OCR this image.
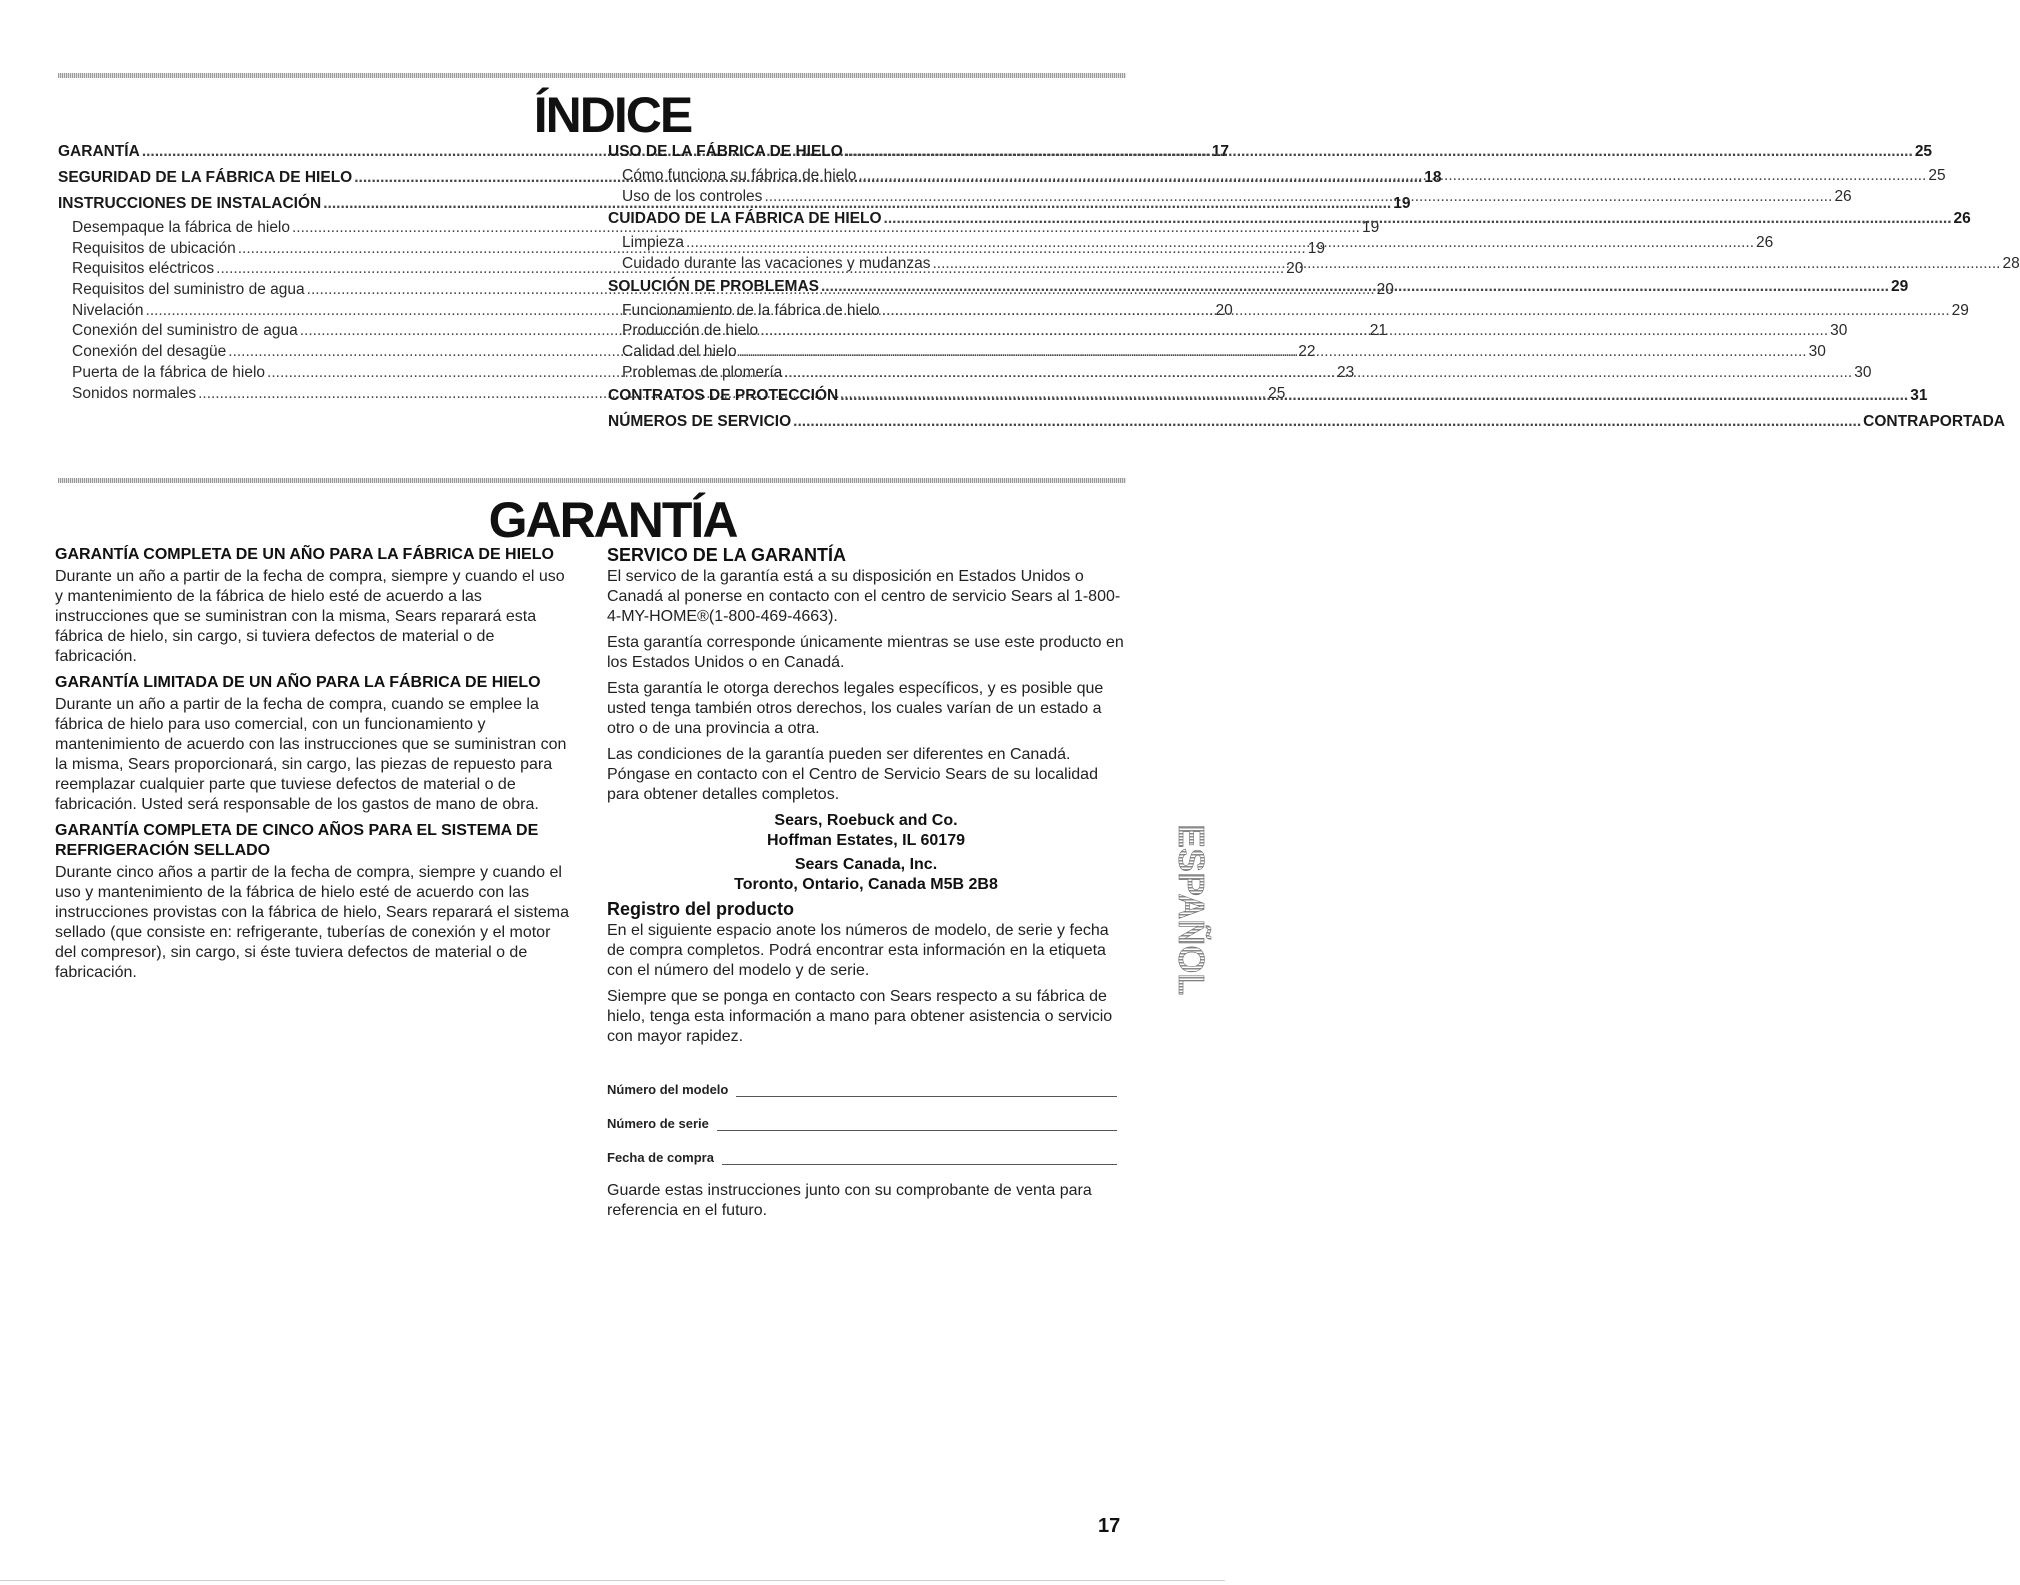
ÍNDICE
GARANTÍA .....	17
SEGURIDAD DE LA FÁBRICA DE HIELO .....	18
INSTRUCCIONES DE INSTALACIÓN .....	19
Desempaque la fábrica de hielo .....	19
Requisitos de ubicación .....	19
Requisitos eléctricos .....	20
Requisitos del suministro de agua .....	20
Nivelación .....	20
Conexión del suministro de agua .....	21
Conexión del desagüe .....	22
Puerta de la fábrica de hielo .....	23
Sonidos normales .....	25
USO DE LA FÁBRICA DE HIELO .....	25
Cómo funciona su fábrica de hielo .....	25
Uso de los controles .....	26
CUIDADO DE LA FÁBRICA DE HIELO .....	26
Limpieza .....	26
Cuidado durante las vacaciones y mudanzas .....	28
SOLUCIÓN DE PROBLEMAS .....	29
Funcionamiento de la fábrica de hielo .....	29
Producción de hielo .....	30
Calidad del hielo .....	30
Problemas de plomería .....	30
CONTRATOS DE PROTECCIÓN .....	31
NÚMEROS DE SERVICIO .....	CONTRAPORTADA
GARANTÍA
GARANTÍA COMPLETA DE UN AÑO PARA LA FÁBRICA DE HIELO

Durante un año a partir de la fecha de compra, siempre y cuando el uso y mantenimiento de la fábrica de hielo esté de acuerdo a las instrucciones que se suministran con la misma, Sears reparará esta fábrica de hielo, sin cargo, si tuviera defectos de material o de fabricación.

GARANTÍA LIMITADA DE UN AÑO PARA LA FÁBRICA DE HIELO

Durante un año a partir de la fecha de compra, cuando se emplee la fábrica de hielo para uso comercial, con un funcionamiento y mantenimiento de acuerdo con las instrucciones que se suministran con la misma, Sears proporcionará, sin cargo, las piezas de repuesto para reemplazar cualquier parte que tuviese defectos de material o de fabricación. Usted será responsable de los gastos de mano de obra.

GARANTÍA COMPLETA DE CINCO AÑOS PARA EL SISTEMA DE REFRIGERACIÓN SELLADO

Durante cinco años a partir de la fecha de compra, siempre y cuando el uso y mantenimiento de la fábrica de hielo esté de acuerdo con las instrucciones provistas con la fábrica de hielo, Sears reparará el sistema sellado (que consiste en: refrigerante, tuberías de conexión y el motor del compresor), sin cargo, si éste tuviera defectos de material o de fabricación.

SERVICO DE LA GARANTÍA

El servico de la garantía está a su disposición en Estados Unidos o Canadá al ponerse en contacto con el centro de servicio Sears al 1-800-4-MY-HOME®(1-800-469-4663).

Esta garantía corresponde únicamente mientras se use este producto en los Estados Unidos o en Canadá.

Esta garantía le otorga derechos legales específicos, y es posible que usted tenga también otros derechos, los cuales varían de un estado a otro o de una provincia a otra.

Las condiciones de la garantía pueden ser diferentes en Canadá. Póngase en contacto con el Centro de Servicio Sears de su localidad para obtener detalles completos.

Sears, Roebuck and Co.
Hoffman Estates, IL 60179
Sears Canada, Inc.
Toronto, Ontario, Canada M5B 2B8
Registro del producto

En el siguiente espacio anote los números de modelo, de serie y fecha de compra completos. Podrá encontrar esta información en la etiqueta con el número del modelo y de serie.

Siempre que se ponga en contacto con Sears respecto a su fábrica de hielo, tenga esta información a mano para obtener asistencia o servicio con mayor rapidez.

Número del modelo
Número de serie
Fecha de compra

Guarde estas instrucciones junto con su comprobante de venta para referencia en el futuro.

ESPAÑOL
17
